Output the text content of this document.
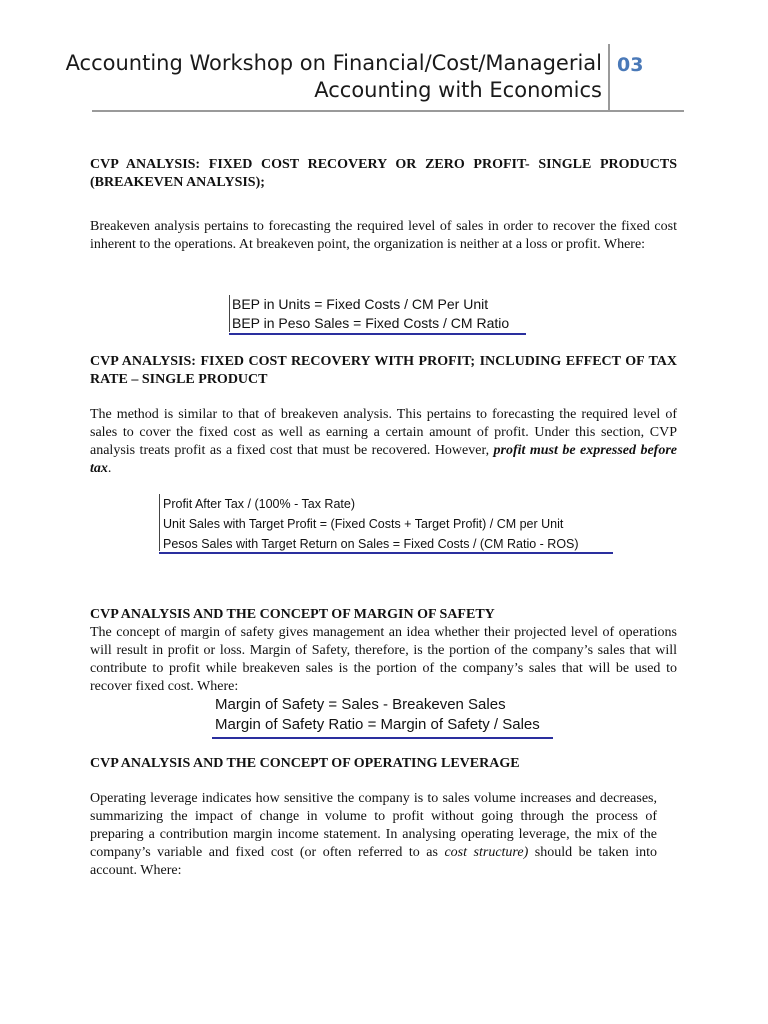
Accounting Workshop on Financial/Cost/Managerial
Accounting with Economics
03
CVP ANALYSIS: FIXED COST RECOVERY OR ZERO PROFIT- SINGLE PRODUCTS (BREAKEVEN ANALYSIS);
Breakeven analysis pertains to forecasting the required level of sales in order to recover the fixed cost inherent to the operations. At breakeven point, the organization is neither at a loss or profit. Where:
BEP in Units = Fixed Costs / CM Per Unit
BEP in Peso Sales = Fixed Costs / CM Ratio
CVP ANALYSIS: FIXED COST RECOVERY WITH PROFIT; INCLUDING EFFECT OF TAX RATE – SINGLE PRODUCT
The method is similar to that of breakeven analysis. This pertains to forecasting the required level of sales to cover the fixed cost as well as earning a certain amount of profit. Under this section, CVP analysis treats profit as a fixed cost that must be recovered. However, profit must be expressed before tax.
Profit After Tax / (100% - Tax Rate)
Unit Sales with Target Profit = (Fixed Costs + Target Profit) / CM per Unit
Pesos Sales with Target Return on Sales = Fixed Costs / (CM Ratio - ROS)
CVP ANALYSIS AND THE CONCEPT OF MARGIN OF SAFETY
The concept of margin of safety gives management an idea whether their projected level of operations will result in profit or loss. Margin of Safety, therefore, is the portion of the company’s sales that will contribute to profit while breakeven sales is the portion of the company’s sales that will be used to recover fixed cost. Where:
Margin of Safety = Sales - Breakeven Sales
Margin of Safety Ratio = Margin of Safety / Sales
CVP ANALYSIS AND THE CONCEPT OF OPERATING LEVERAGE
Operating leverage indicates how sensitive the company is to sales volume increases and decreases, summarizing the impact of change in volume to profit without going through the process of preparing a contribution margin income statement. In analysing operating leverage, the mix of the company’s variable and fixed cost (or often referred to as cost structure) should be taken into account. Where:
